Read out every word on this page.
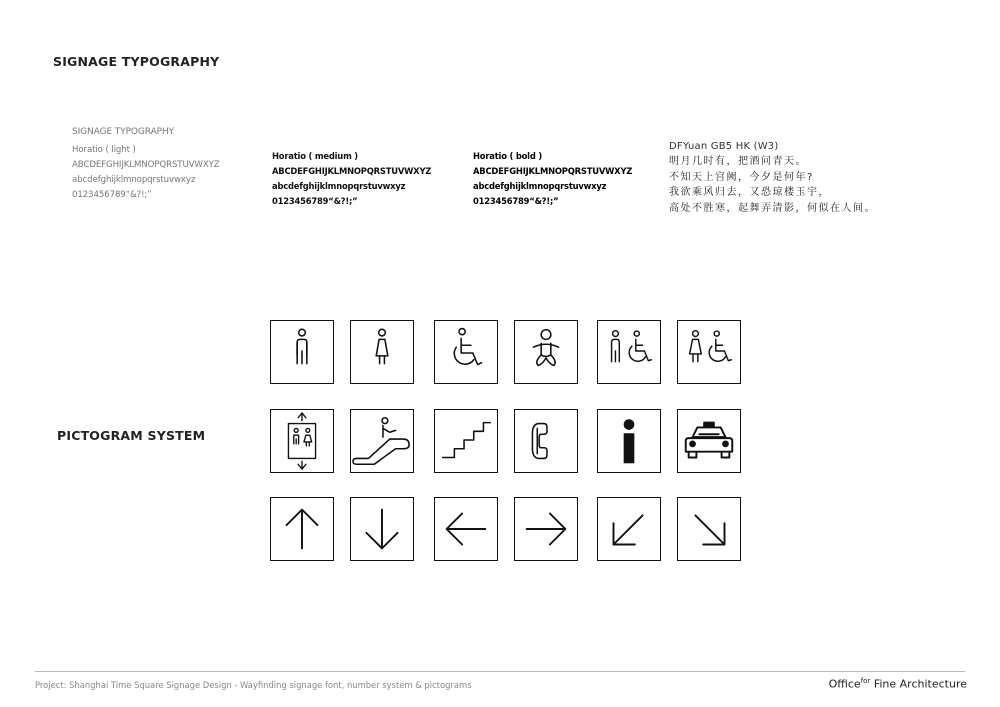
SIGNAGE TYPOGRAPHY
SIGNAGE TYPOGRAPHY
Horatio ( light )
ABCDEFGHIJKLMNOPQRSTUVWXYZ
abcdefghijklmnopqrstuvwxyz
0123456789“&?!;”
Horatio ( medium )
ABCDEFGHIJKLMNOPQRSTUVWXYZ
abcdefghijklmnopqrstuvwxyz
0123456789“&?!;”
Horatio ( bold )
ABCDEFGHIJKLMNOPQRSTUVWXYZ
abcdefghijklmnopqrstuvwxyz
0123456789“&?!;”
DFYuan GB5 HK (W3)
明月几时有，把酒问青天。
不知天上宫阙，今夕是何年?
我欲乘风归去，又恐琼楼玉宇，
高处不胜寒，起舞弄清影，何似在人间。
PICTOGRAM SYSTEM
Project: Shanghai Time Square Signage Design - Wayfinding signage font, number system & pictograms	Office$^{for}$ Fine Architecture
